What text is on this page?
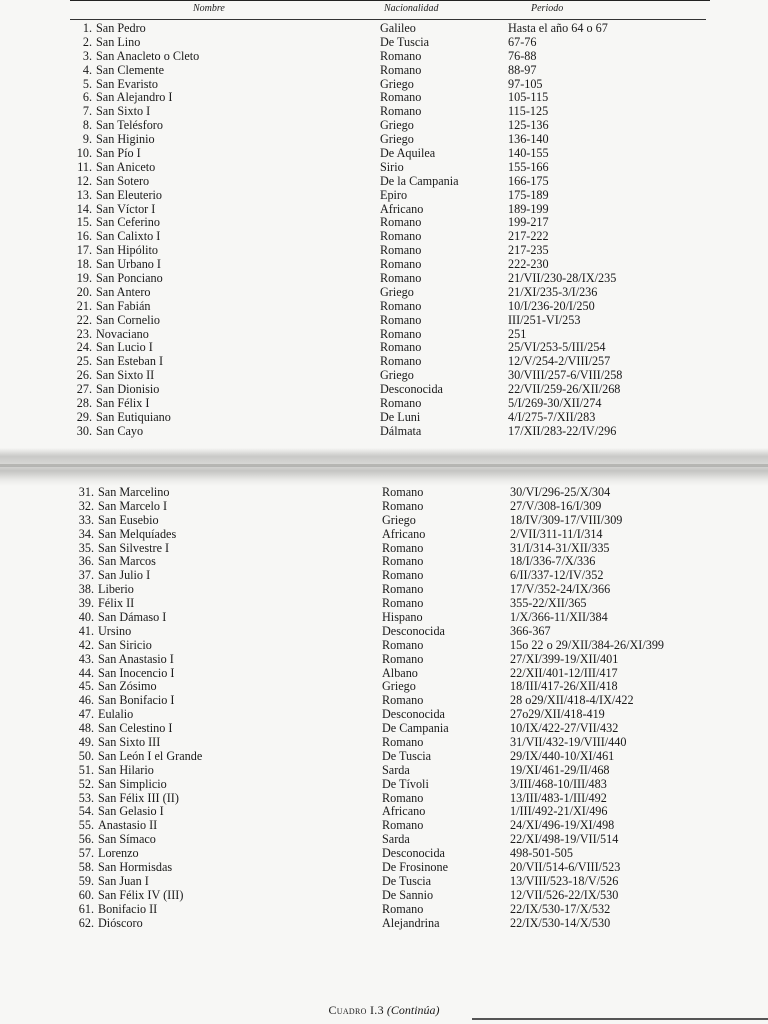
Nombre	Nacionalidad	Periodo
1. San Pedro	Galileo	Hasta el año 64 o 67
2. San Lino	De Tuscia	67-76
3. San Anacleto o Cleto	Romano	76-88
4. San Clemente	Romano	88-97
5. San Evaristo	Griego	97-105
6. San Alejandro I	Romano	105-115
7. San Sixto I	Romano	115-125
8. San Telésforo	Griego	125-136
9. San Higinio	Griego	136-140
10. San Pío I	De Aquilea	140-155
11. San Aniceto	Sirio	155-166
12. San Sotero	De la Campania	166-175
13. San Eleuterio	Epiro	175-189
14. San Víctor I	Africano	189-199
15. San Ceferino	Romano	199-217
16. San Calixto I	Romano	217-222
17. San Hipólito	Romano	217-235
18. San Urbano I	Romano	222-230
19. San Ponciano	Romano	21/VII/230-28/IX/235
20. San Antero	Griego	21/XI/235-3/I/236
21. San Fabián	Romano	10/I/236-20/I/250
22. San Cornelio	Romano	III/251-VI/253
23. Novaciano	Romano	251
24. San Lucio I	Romano	25/VI/253-5/III/254
25. San Esteban I	Romano	12/V/254-2/VIII/257
26. San Sixto II	Griego	30/VIII/257-6/VIII/258
27. San Dionisio	Desconocida	22/VII/259-26/XII/268
28. San Félix I	Romano	5/I/269-30/XII/274
29. San Eutiquiano	De Luni	4/I/275-7/XII/283
30. San Cayo	Dálmata	17/XII/283-22/IV/296
31. San Marcelino	Romano	30/VI/296-25/X/304
32. San Marcelo I	Romano	27/V/308-16/I/309
33. San Eusebio	Griego	18/IV/309-17/VIII/309
34. San Melquíades	Africano	2/VII/311-11/I/314
35. San Silvestre I	Romano	31/I/314-31/XII/335
36. San Marcos	Romano	18/I/336-7/X/336
37. San Julio I	Romano	6/II/337-12/IV/352
38. Liberio	Romano	17/V/352-24/IX/366
39. Félix II	Romano	355-22/XII/365
40. San Dámaso I	Hispano	1/X/366-11/XII/384
41. Ursino	Desconocida	366-367
42. San Siricio	Romano	15o 22 o 29/XII/384-26/XI/399
43. San Anastasio I	Romano	27/XI/399-19/XII/401
44. San Inocencio I	Albano	22/XII/401-12/III/417
45. San Zósimo	Griego	18/III/417-26/XII/418
46. San Bonifacio I	Romano	28 o29/XII/418-4/IX/422
47. Eulalio	Desconocida	27o29/XII/418-419
48. San Celestino I	De Campania	10/IX/422-27/VII/432
49. San Sixto III	Romano	31/VII/432-19/VIII/440
50. San León I el Grande	De Tuscia	29/IX/440-10/XI/461
51. San Hilario	Sarda	19/XI/461-29/II/468
52. San Simplicio	De Tívoli	3/III/468-10/III/483
53. San Félix III (II)	Romano	13/III/483-1/III/492
54. San Gelasio I	Africano	1/III/492-21/XI/496
55. Anastasio II	Romano	24/XI/496-19/XI/498
56. San Símaco	Sarda	22/XI/498-19/VII/514
57. Lorenzo	Desconocida	498-501-505
58. San Hormisdas	De Frosinone	20/VII/514-6/VIII/523
59. San Juan I	De Tuscia	13/VIII/523-18/V/526
60. San Félix IV (III)	De Sannio	12/VII/526-22/IX/530
61. Bonifacio II	Romano	22/IX/530-17/X/532
62. Dióscoro	Alejandrina	22/IX/530-14/X/530
Cuadro I.3 (Continúa)
